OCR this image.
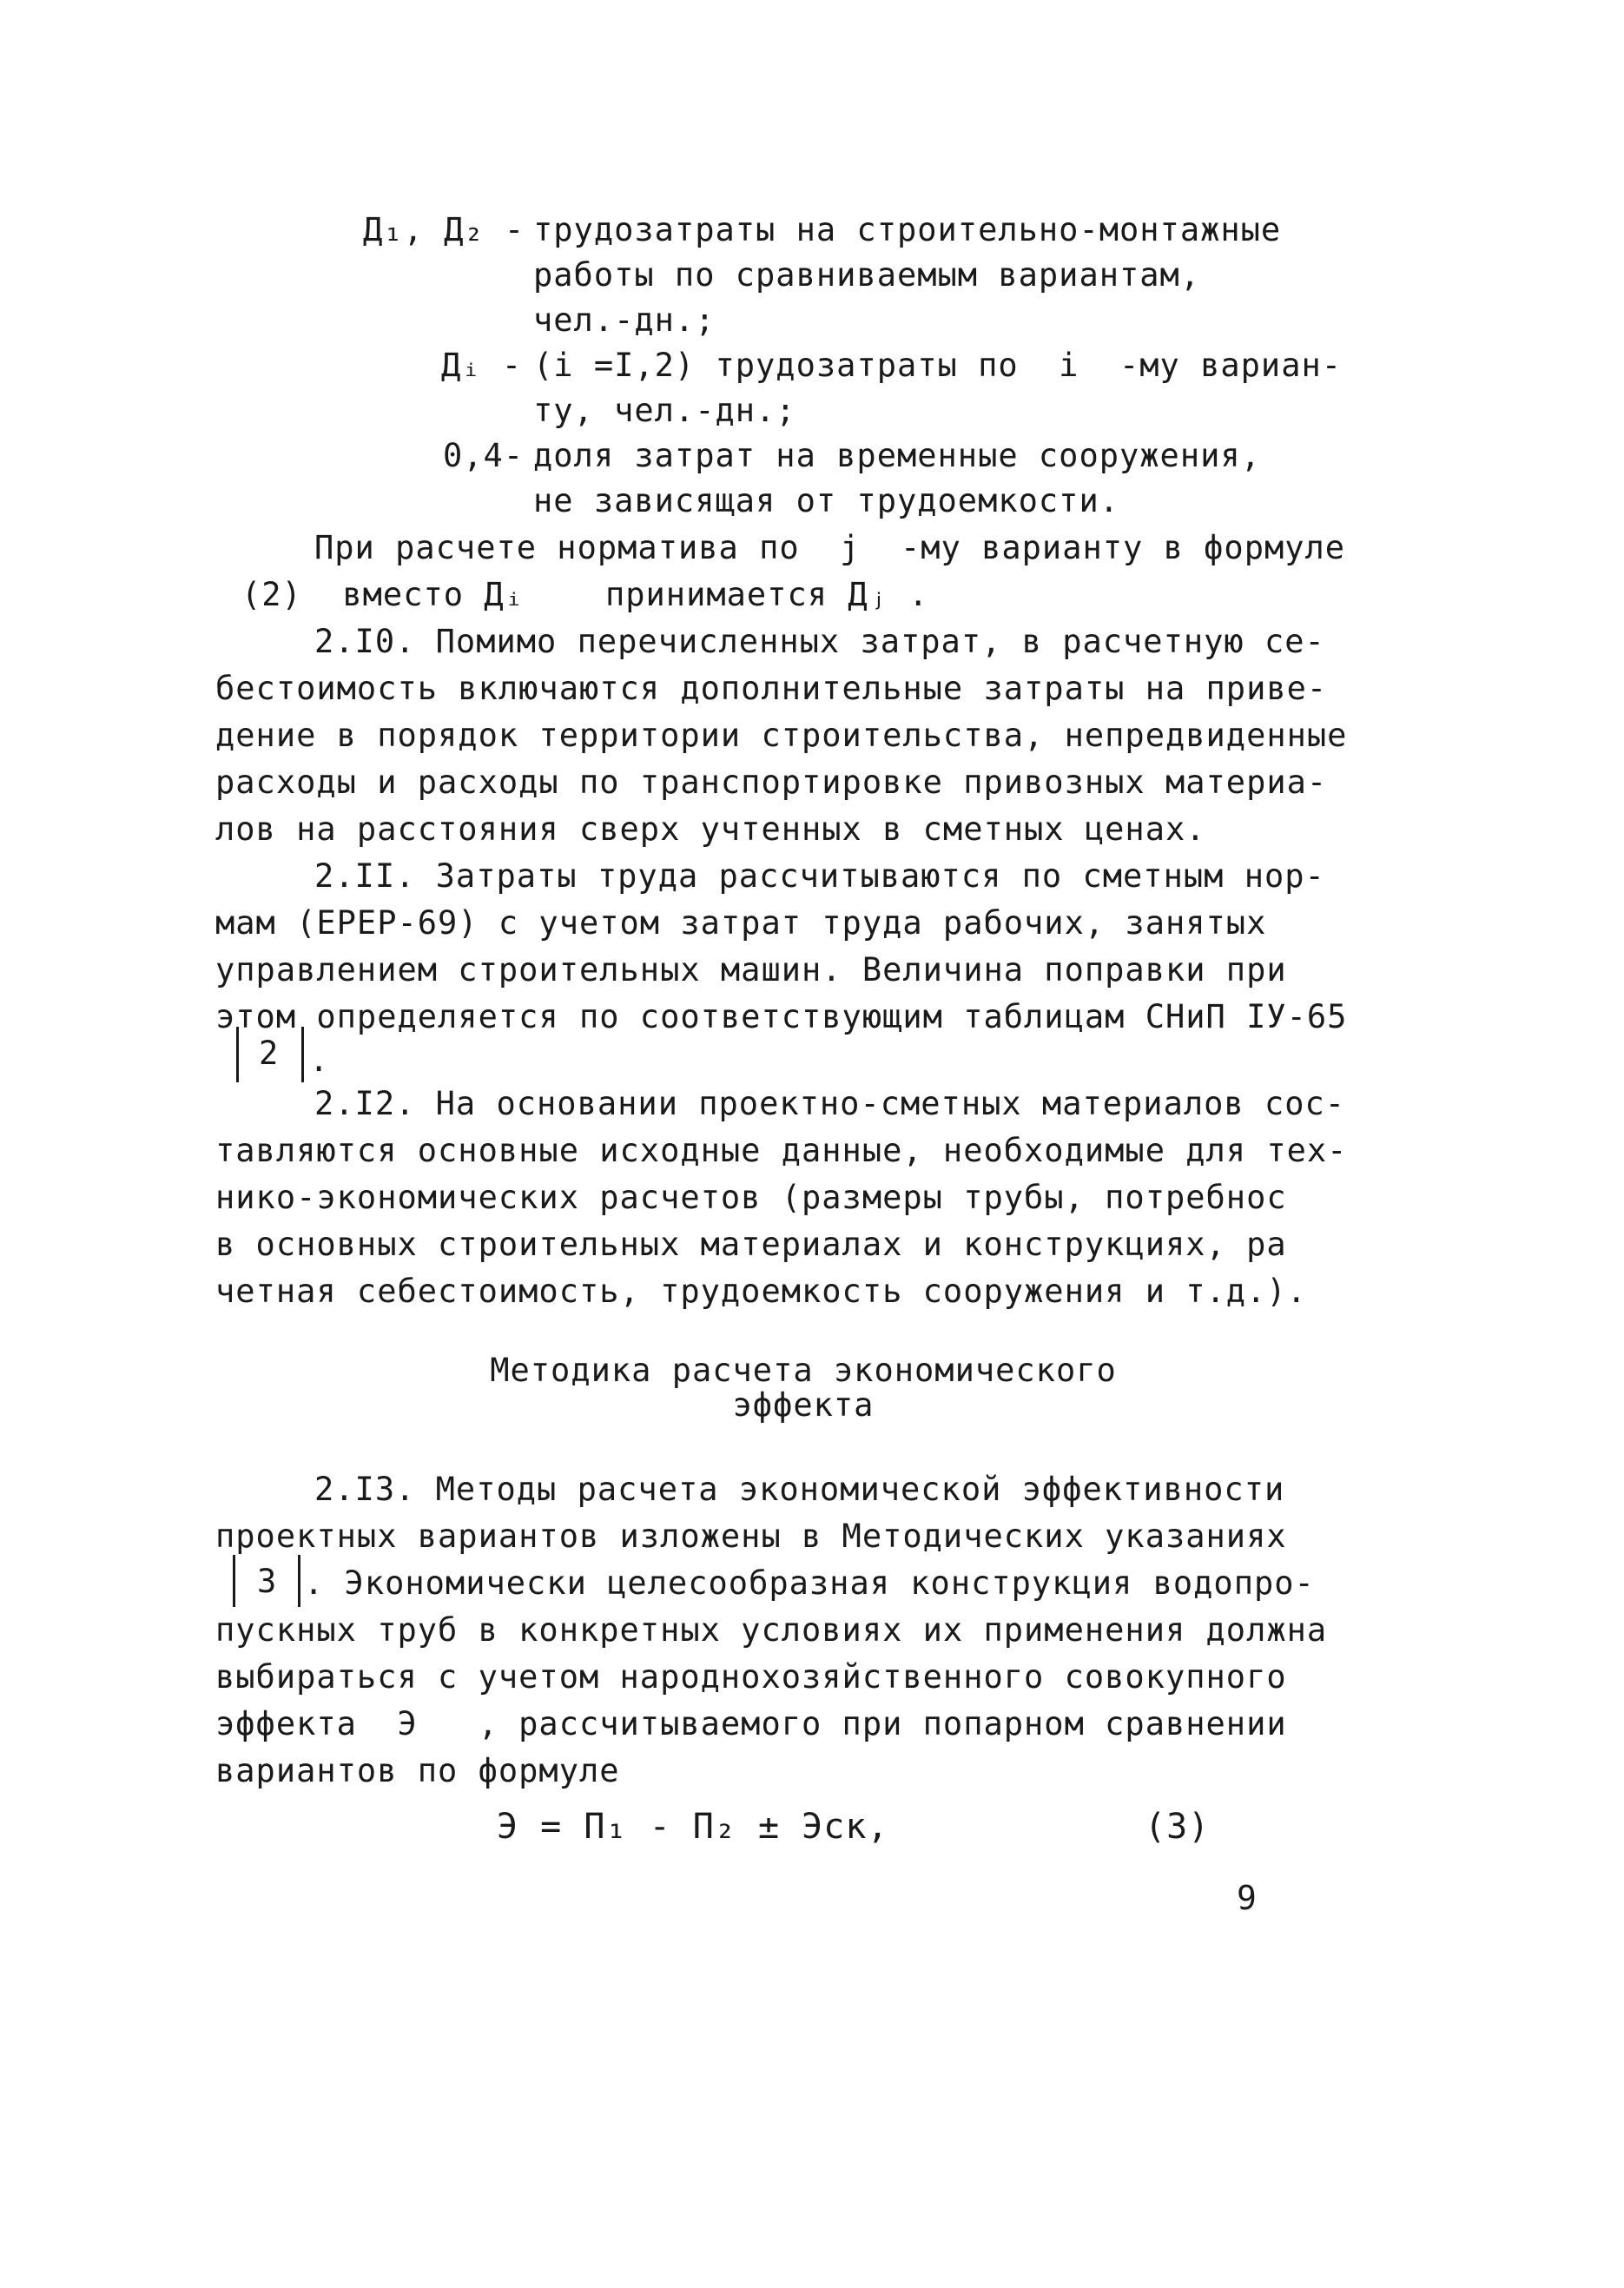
Д₁, Д₂ - трудозатраты на строительно-монтажные
работы по сравниваемым вариантам,
чел.-дн.;
Дᵢ - (i =I,2) трудозатраты по  i  -му вариан-
ту, чел.-дн.;
0,4- доля затрат на временные сооружения,
не зависящая от трудоемкости.
При расчете норматива по  j  -му варианту в формуле
(2)  вместо Дᵢ    принимается Дⱼ .
2.I0. Помимо перечисленных затрат, в расчетную се-
бестоимость включаются дополнительные затраты на приве-
дение в порядок территории строительства, непредвиденные
расходы и расходы по транспортировке привозных материа-
лов на расстояния сверх учтенных в сметных ценах.
2.II. Затраты труда рассчитываются по сметным нор-
мам (ЕРЕР-69) с учетом затрат труда рабочих, занятых
управлением строительных машин. Величина поправки при
этом определяется по соответствующим таблицам СНиП IУ-65
2 .
2.I2. На основании проектно-сметных материалов сос-
тавляются основные исходные данные, необходимые для тех-
нико-экономических расчетов (размеры трубы, потребнос
в основных строительных материалах и конструкциях, ра
четная себестоимость, трудоемкость сооружения и т.д.).
Методика расчета экономического
эффекта
2.I3. Методы расчета экономической эффективности
проектных вариантов изложены в Методических указаниях
3 . Экономически целесообразная конструкция водопро-
пускных труб в конкретных условиях их применения должна
выбираться с учетом народнохозяйственного совокупного
эффекта  Э   , рассчитываемого при попарном сравнении
вариантов по формуле
Э = П₁ - П₂ ± Эск,	(3)
9
